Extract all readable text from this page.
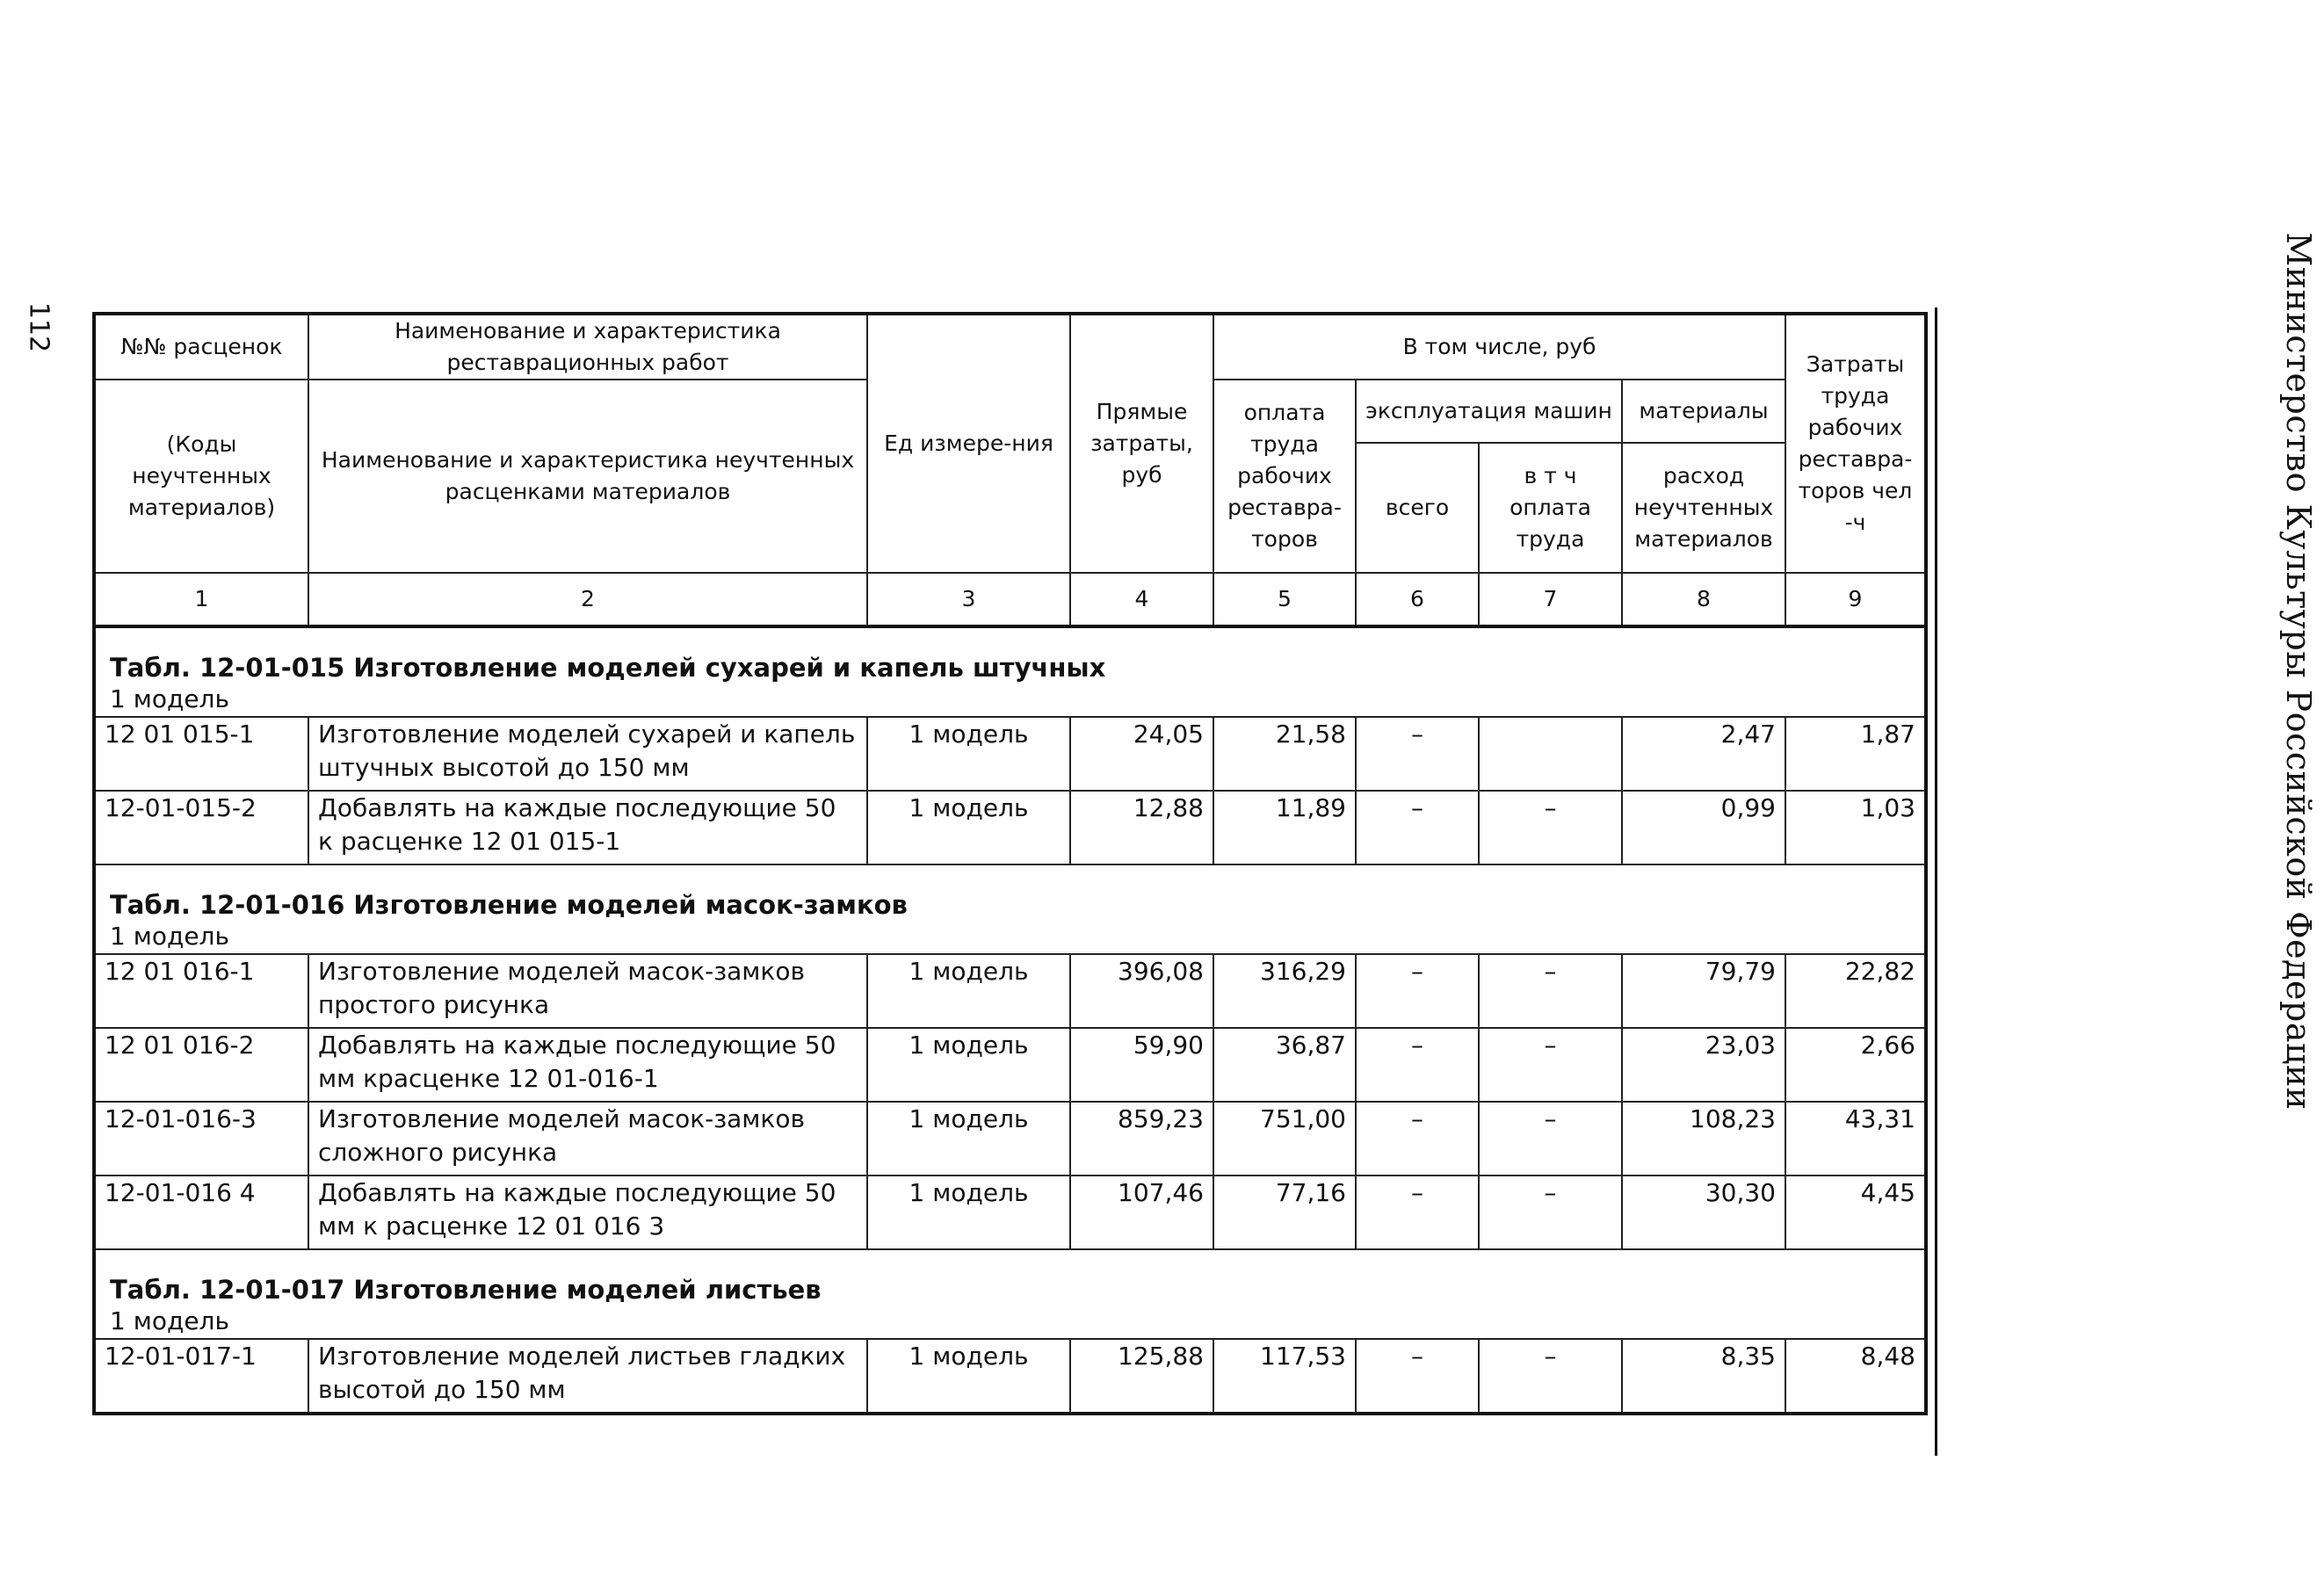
112	Министерство Культуры Российской Федерации
№№ расценок	Наименование и характеристика реставрационных работ	Ед измере-ния	Прямые затраты, руб	В том числе, руб				Затраты труда рабочих реставра-торов чел -ч
(Коды неучтенных материалов)	Наименование и характеристика неучтенных расценками материалов			оплата труда рабочих реставра-торов	эксплуатация машин		материалы	
					всего	в т ч оплата труда	расход неучтенных материалов	
1	2	3	4	5	6	7	8	9

Табл. 12-01-015 Изготовление моделей сухарей и капель штучных
1 модель								

12 01 015-1	Изготовление моделей сухарей и капель штучных высотой до 150 мм	1 модель	24,05	21,58	–		2,47	1,87
12-01-015-2	Добавлять на каждые последующие 50 к расценке 12 01 015-1	1 модель	12,88	11,89	–	–	0,99	1,03

Табл. 12-01-016 Изготовление моделей масок-замков
1 модель								

12 01 016-1	Изготовление моделей масок-замков простого рисунка	1 модель	396,08	316,29	–	–	79,79	22,82
12 01 016-2	Добавлять на каждые последующие 50 мм красценке 12 01-016-1	1 модель	59,90	36,87	–	–	23,03	2,66
12-01-016-3	Изготовление моделей масок-замков сложного рисунка	1 модель	859,23	751,00	–	–	108,23	43,31
12-01-016 4	Добавлять на каждые последующие 50 мм к расценке 12 01 016 3	1 модель	107,46	77,16	–	–	30,30	4,45

Табл. 12-01-017 Изготовление моделей листьев
1 модель								

12-01-017-1	Изготовление моделей листьев гладких высотой до 150 мм	1 модель	125,88	117,53	–	–	8,35	8,48
